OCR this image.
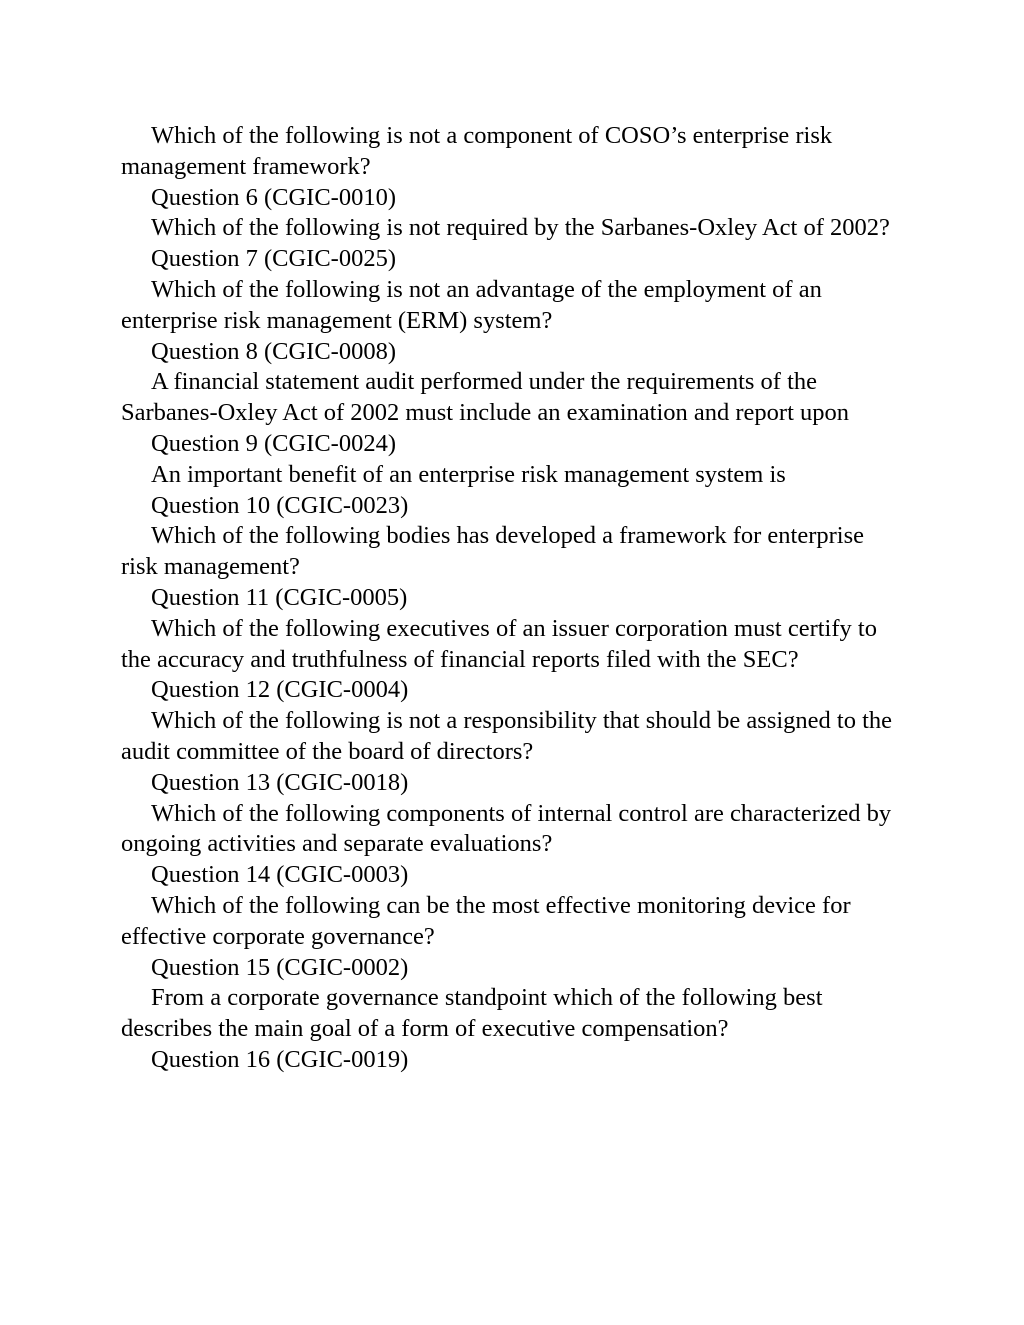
Which of the following is not a component of COSO’s enterprise risk management framework?

Question 6 (CGIC-0010)

Which of the following is not required by the Sarbanes-Oxley Act of 2002?

Question 7 (CGIC-0025)

Which of the following is not an advantage of the employment of an enterprise risk management (ERM) system?

Question 8 (CGIC-0008)

A financial statement audit performed under the requirements of the Sarbanes-Oxley Act of 2002 must include an examination and report upon

Question 9 (CGIC-0024)

An important benefit of an enterprise risk management system is

Question 10 (CGIC-0023)

Which of the following bodies has developed a framework for enterprise risk management?

Question 11 (CGIC-0005)

Which of the following executives of an issuer corporation must certify to the accuracy and truthfulness of financial reports filed with the SEC?

Question 12 (CGIC-0004)

Which of the following is not a responsibility that should be assigned to the audit committee of the board of directors?

Question 13 (CGIC-0018)

Which of the following components of internal control are characterized by ongoing activities and separate evaluations?

Question 14 (CGIC-0003)

Which of the following can be the most effective monitoring device for effective corporate governance?

Question 15 (CGIC-0002)

From a corporate governance standpoint which of the following best describes the main goal of a form of executive compensation?

Question 16 (CGIC-0019)
